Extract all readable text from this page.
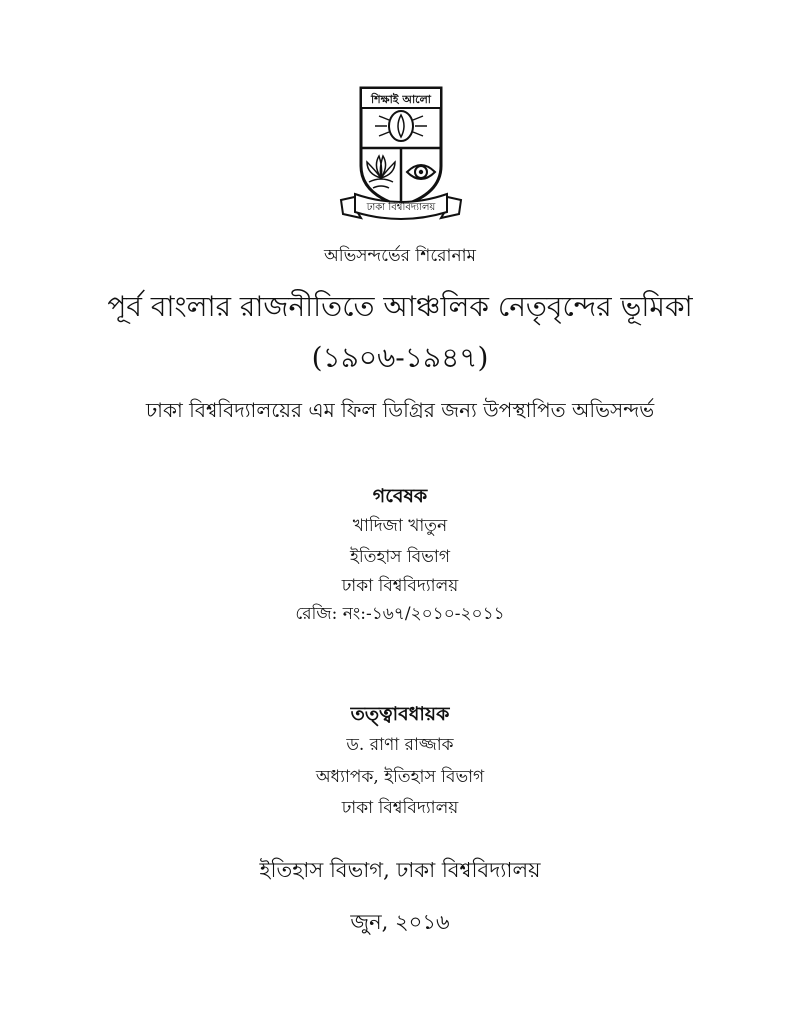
শিক্ষাই আলো
ঢাকা বিশ্ববিদ্যালয়
অভিসন্দর্ভের শিরোনাম
পূর্ব বাংলার রাজনীতিতে আঞ্চলিক নেতৃবৃন্দের ভূমিকা
(১৯০৬-১৯৪৭)
ঢাকা বিশ্ববিদ্যালয়ের এম ফিল ডিগ্রির জন্য উপস্থাপিত অভিসন্দর্ভ
গবেষক
খাদিজা খাতুন
ইতিহাস বিভাগ
ঢাকা বিশ্ববিদ্যালয়
রেজি: নং:-১৬৭/২০১০-২০১১
তত্ত্বাবধায়ক
ড. রাণা রাজ্জাক
অধ্যাপক, ইতিহাস বিভাগ
ঢাকা বিশ্ববিদ্যালয়
ইতিহাস বিভাগ, ঢাকা বিশ্ববিদ্যালয়
জুন, ২০১৬
